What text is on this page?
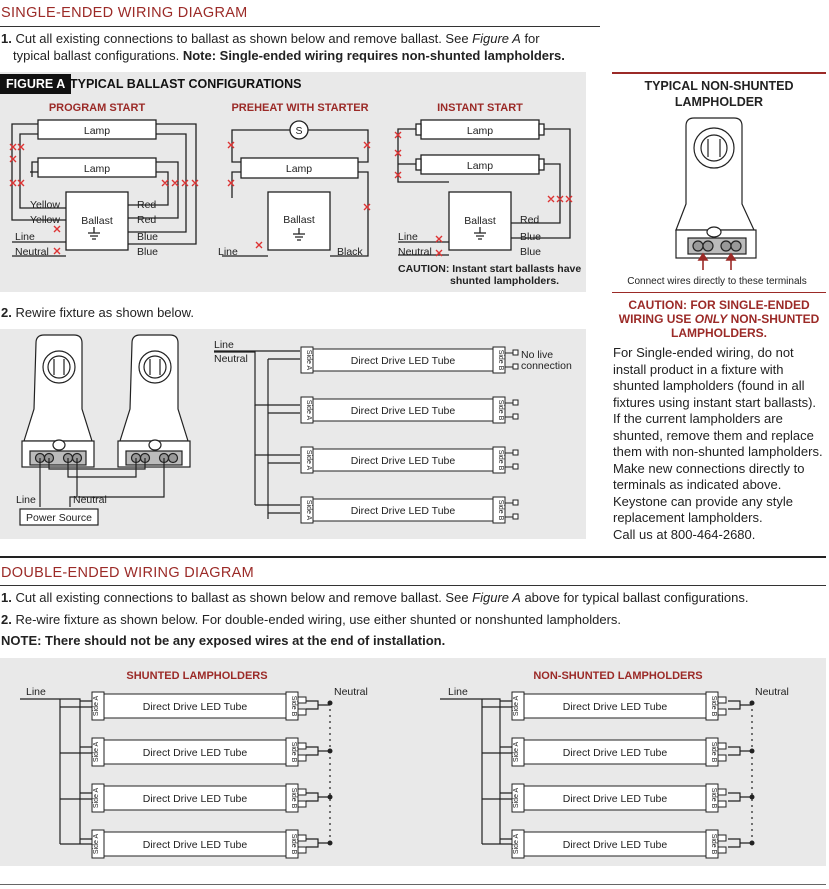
SINGLE-ENDED WIRING DIAGRAM
1. Cut all existing connections to ballast as shown below and remove ballast. See Figure A for
typical ballast configurations. Note: Single-ended wiring requires non-shunted lampholders.
FIGURE A TYPICAL BALLAST CONFIGURATIONS
PROGRAM START	PREHEAT WITH STARTER	INSTANT START
Lamp
Lamp
Ballast
Yellow
Yellow
Red
Red
Blue
Blue
Line
Neutral
S
Lamp
Ballast
Line	Black
Lamp
Lamp
Ballast Red
Blue
Blue
Line
Neutral
CAUTION: Instant start ballasts have
shunted lampholders.
2. Rewire fixture as shown below.
Line	Neutral
Power Source
Line
Neutral	Direct Drive LED Tube
Side A	Side B No live
connection
Direct Drive LED Tube
Side A	Side B
Direct Drive LED Tube
Side A	Side B
Direct Drive LED Tube
Side A	Side B
TYPICAL NON-SHUNTED
LAMPHOLDER
Connect wires directly to these terminals
CAUTION: FOR SINGLE-ENDED
WIRING USE ONLY NON-SHUNTED
LAMPHOLDERS.
For Single-ended wiring, do not
install product in a fixture with
shunted lampholders (found in all
fixtures using instant start ballasts).
If the current lampholders are
shunted, remove them and replace
them with non-shunted lampholders.
Make new connections directly to
terminals as indicated above.
Keystone can provide any style
replacement lampholders.
Call us at 800-464-2680.
DOUBLE-ENDED WIRING DIAGRAM
1. Cut all existing connections to ballast as shown below and remove ballast. See Figure A above for typical ballast configurations.
2. Re-wire fixture as shown below. For double-ended wiring, use either shunted or nonshunted lampholders.
NOTE: There should not be any exposed wires at the end of installation.
SHUNTED LAMPHOLDERS	NON-SHUNTED LAMPHOLDERS
Line	Neutral
Direct Drive LED Tube
Side A	Side B
Direct Drive LED Tube
Side A	Side B
Direct Drive LED Tube
Side A	Side B
Direct Drive LED Tube
Side A	Side B
Line	Neutral
Direct Drive LED Tube
Side A	Side B
Direct Drive LED Tube
Side A	Side B
Direct Drive LED Tube
Side A	Side B
Direct Drive LED Tube
Side A	Side B
